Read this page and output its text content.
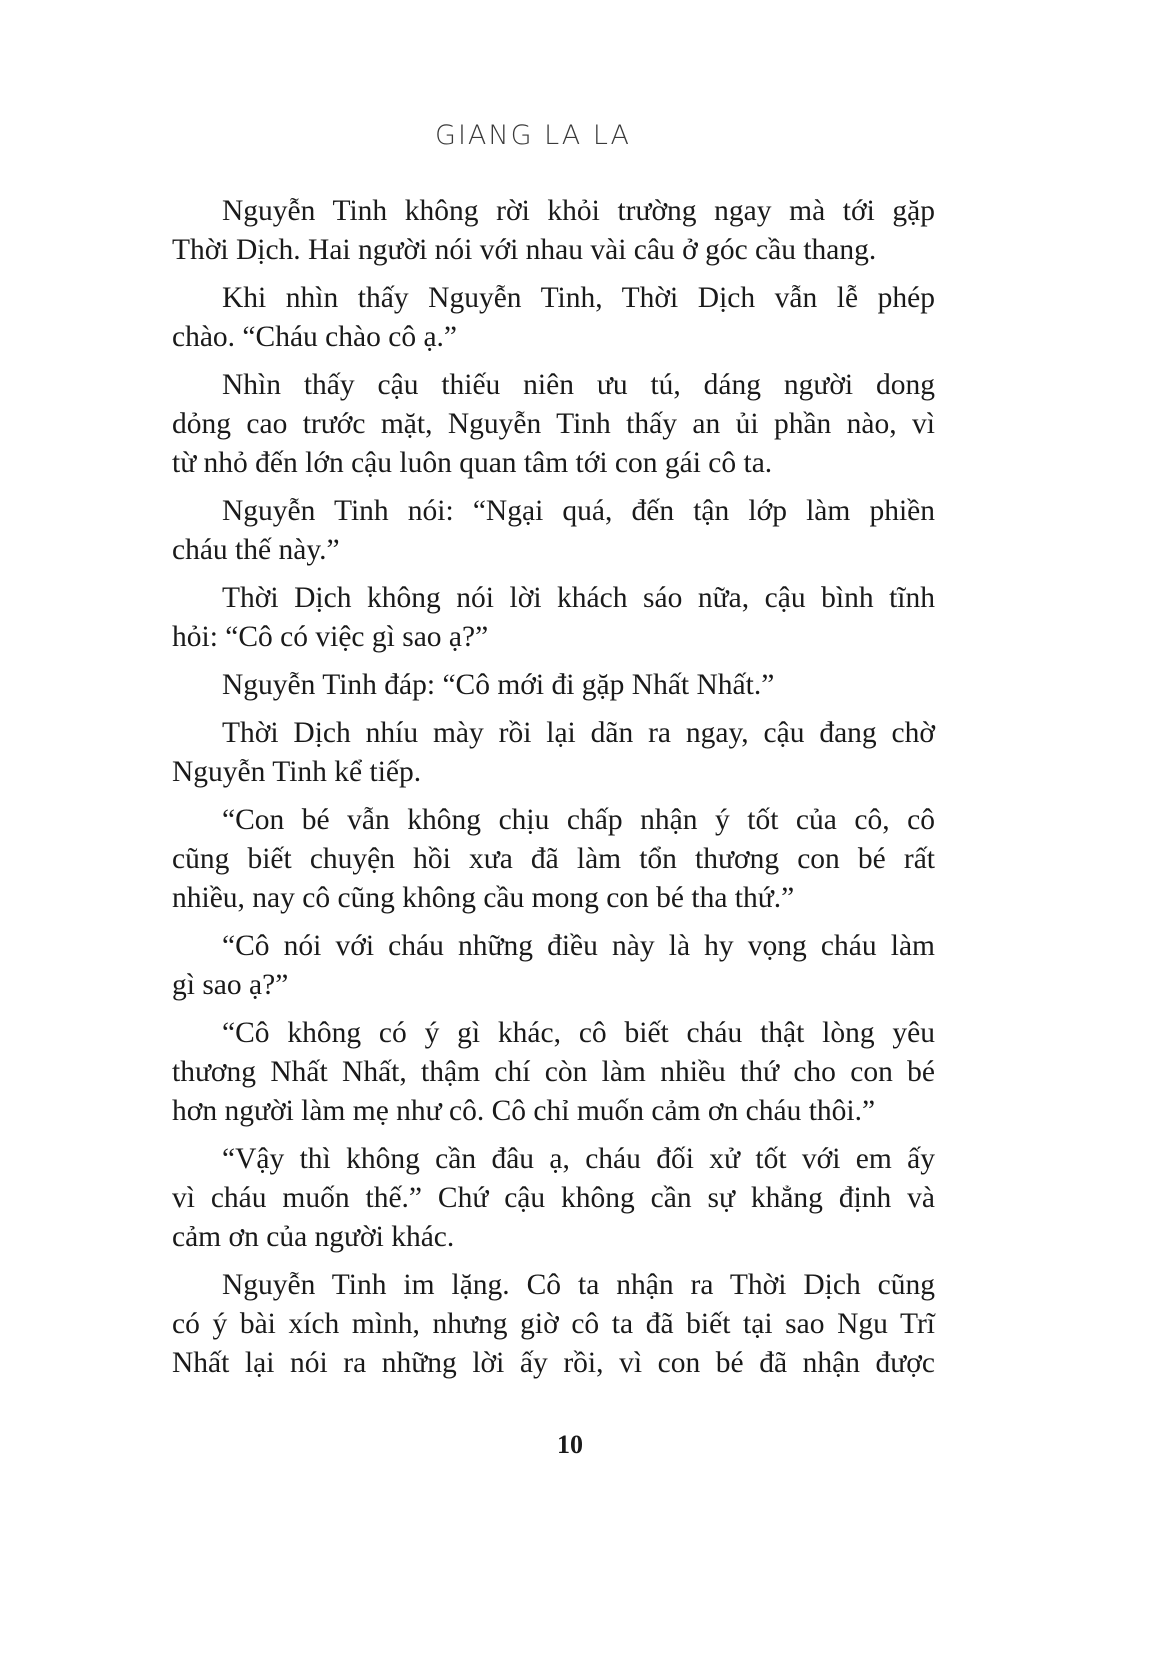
GIANG LA LA
Nguyễn Tinh không rời khỏi trường ngay mà tới gặp
Thời Dịch. Hai người nói với nhau vài câu ở góc cầu thang.
Khi nhìn thấy Nguyễn Tinh, Thời Dịch vẫn lễ phép
chào. “Cháu chào cô ạ.”
Nhìn thấy cậu thiếu niên ưu tú, dáng người dong
dỏng cao trước mặt, Nguyễn Tinh thấy an ủi phần nào, vì
từ nhỏ đến lớn cậu luôn quan tâm tới con gái cô ta.
Nguyễn Tinh nói: “Ngại quá, đến tận lớp làm phiền
cháu thế này.”
Thời Dịch không nói lời khách sáo nữa, cậu bình tĩnh
hỏi: “Cô có việc gì sao ạ?”
Nguyễn Tinh đáp: “Cô mới đi gặp Nhất Nhất.”
Thời Dịch nhíu mày rồi lại dãn ra ngay, cậu đang chờ
Nguyễn Tinh kể tiếp.
“Con bé vẫn không chịu chấp nhận ý tốt của cô, cô
cũng biết chuyện hồi xưa đã làm tổn thương con bé rất
nhiều, nay cô cũng không cầu mong con bé tha thứ.”
“Cô nói với cháu những điều này là hy vọng cháu làm
gì sao ạ?”
“Cô không có ý gì khác, cô biết cháu thật lòng yêu
thương Nhất Nhất, thậm chí còn làm nhiều thứ cho con bé
hơn người làm mẹ như cô. Cô chỉ muốn cảm ơn cháu thôi.”
“Vậy thì không cần đâu ạ, cháu đối xử tốt với em ấy
vì cháu muốn thế.” Chứ cậu không cần sự khẳng định và
cảm ơn của người khác.
Nguyễn Tinh im lặng. Cô ta nhận ra Thời Dịch cũng
có ý bài xích mình, nhưng giờ cô ta đã biết tại sao Ngu Trĩ
Nhất lại nói ra những lời ấy rồi, vì con bé đã nhận được
10
